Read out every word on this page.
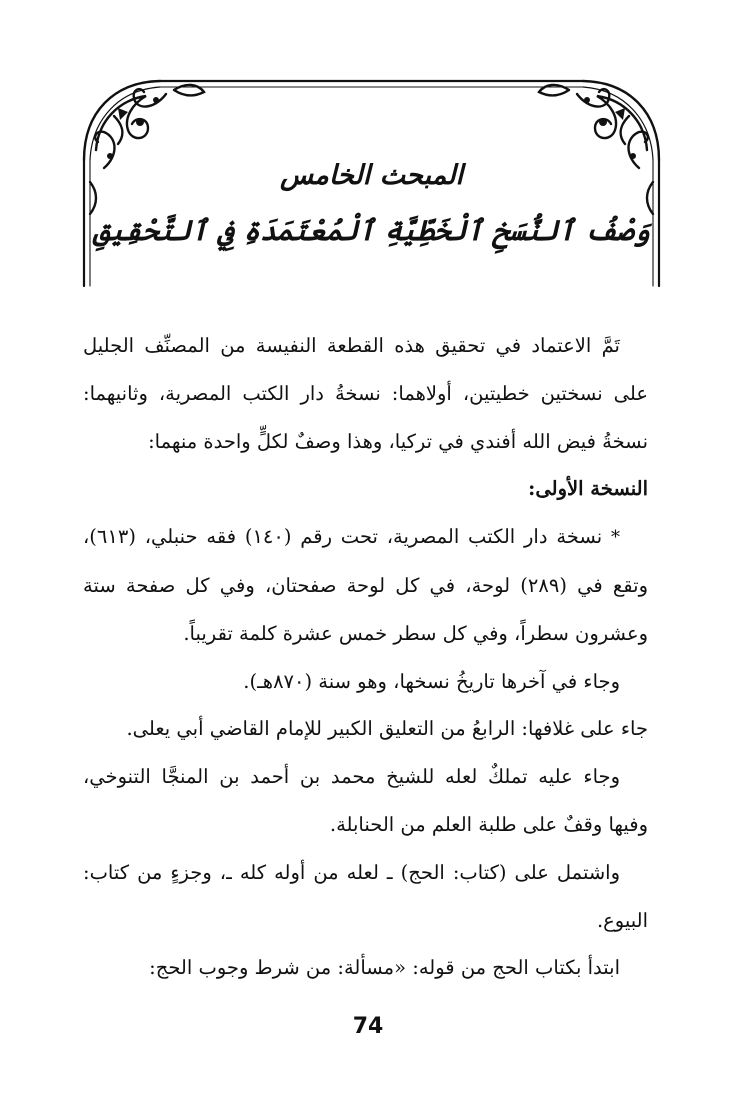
المبحث الخامس
وَصْفُ ٱلنُّسَخِ ٱلْخَطِّيَّةِ ٱلْمُعْتَمَدَةِ فِي ٱلتَّحْقِيقِ

تَمَّ الاعتماد في تحقيق هذه القطعة النفيسة من المصنِّف الجليل على نسختين خطيتين، أولاهما: نسخةُ دار الكتب المصرية، وثانيهما: نسخةُ فيض الله أفندي في تركيا، وهذا وصفٌ لكلٍّ واحدة منهما:

النسخة الأولى:

* نسخة دار الكتب المصرية، تحت رقم (١٤٠) فقه حنبلي، (٦١٣)، وتقع في (٢٨٩) لوحة، في كل لوحة صفحتان، وفي كل صفحة ستة وعشرون سطراً، وفي كل سطر خمس عشرة كلمة تقريباً.

وجاء في آخرها تاريخُ نسخها، وهو سنة (٨٧٠هـ).

جاء على غلافها: الرابعُ من التعليق الكبير للإمام القاضي أبي يعلى.

وجاء عليه تملكٌ لعله للشيخ محمد بن أحمد بن المنجَّا التنوخي، وفيها وقفٌ على طلبة العلم من الحنابلة.

واشتمل على (كتاب: الحج) ـ لعله من أوله كله ـ، وجزءٍ من كتاب: البيوع.

ابتدأ بكتاب الحج من قوله: «مسألة: من شرط وجوب الحج:

74
